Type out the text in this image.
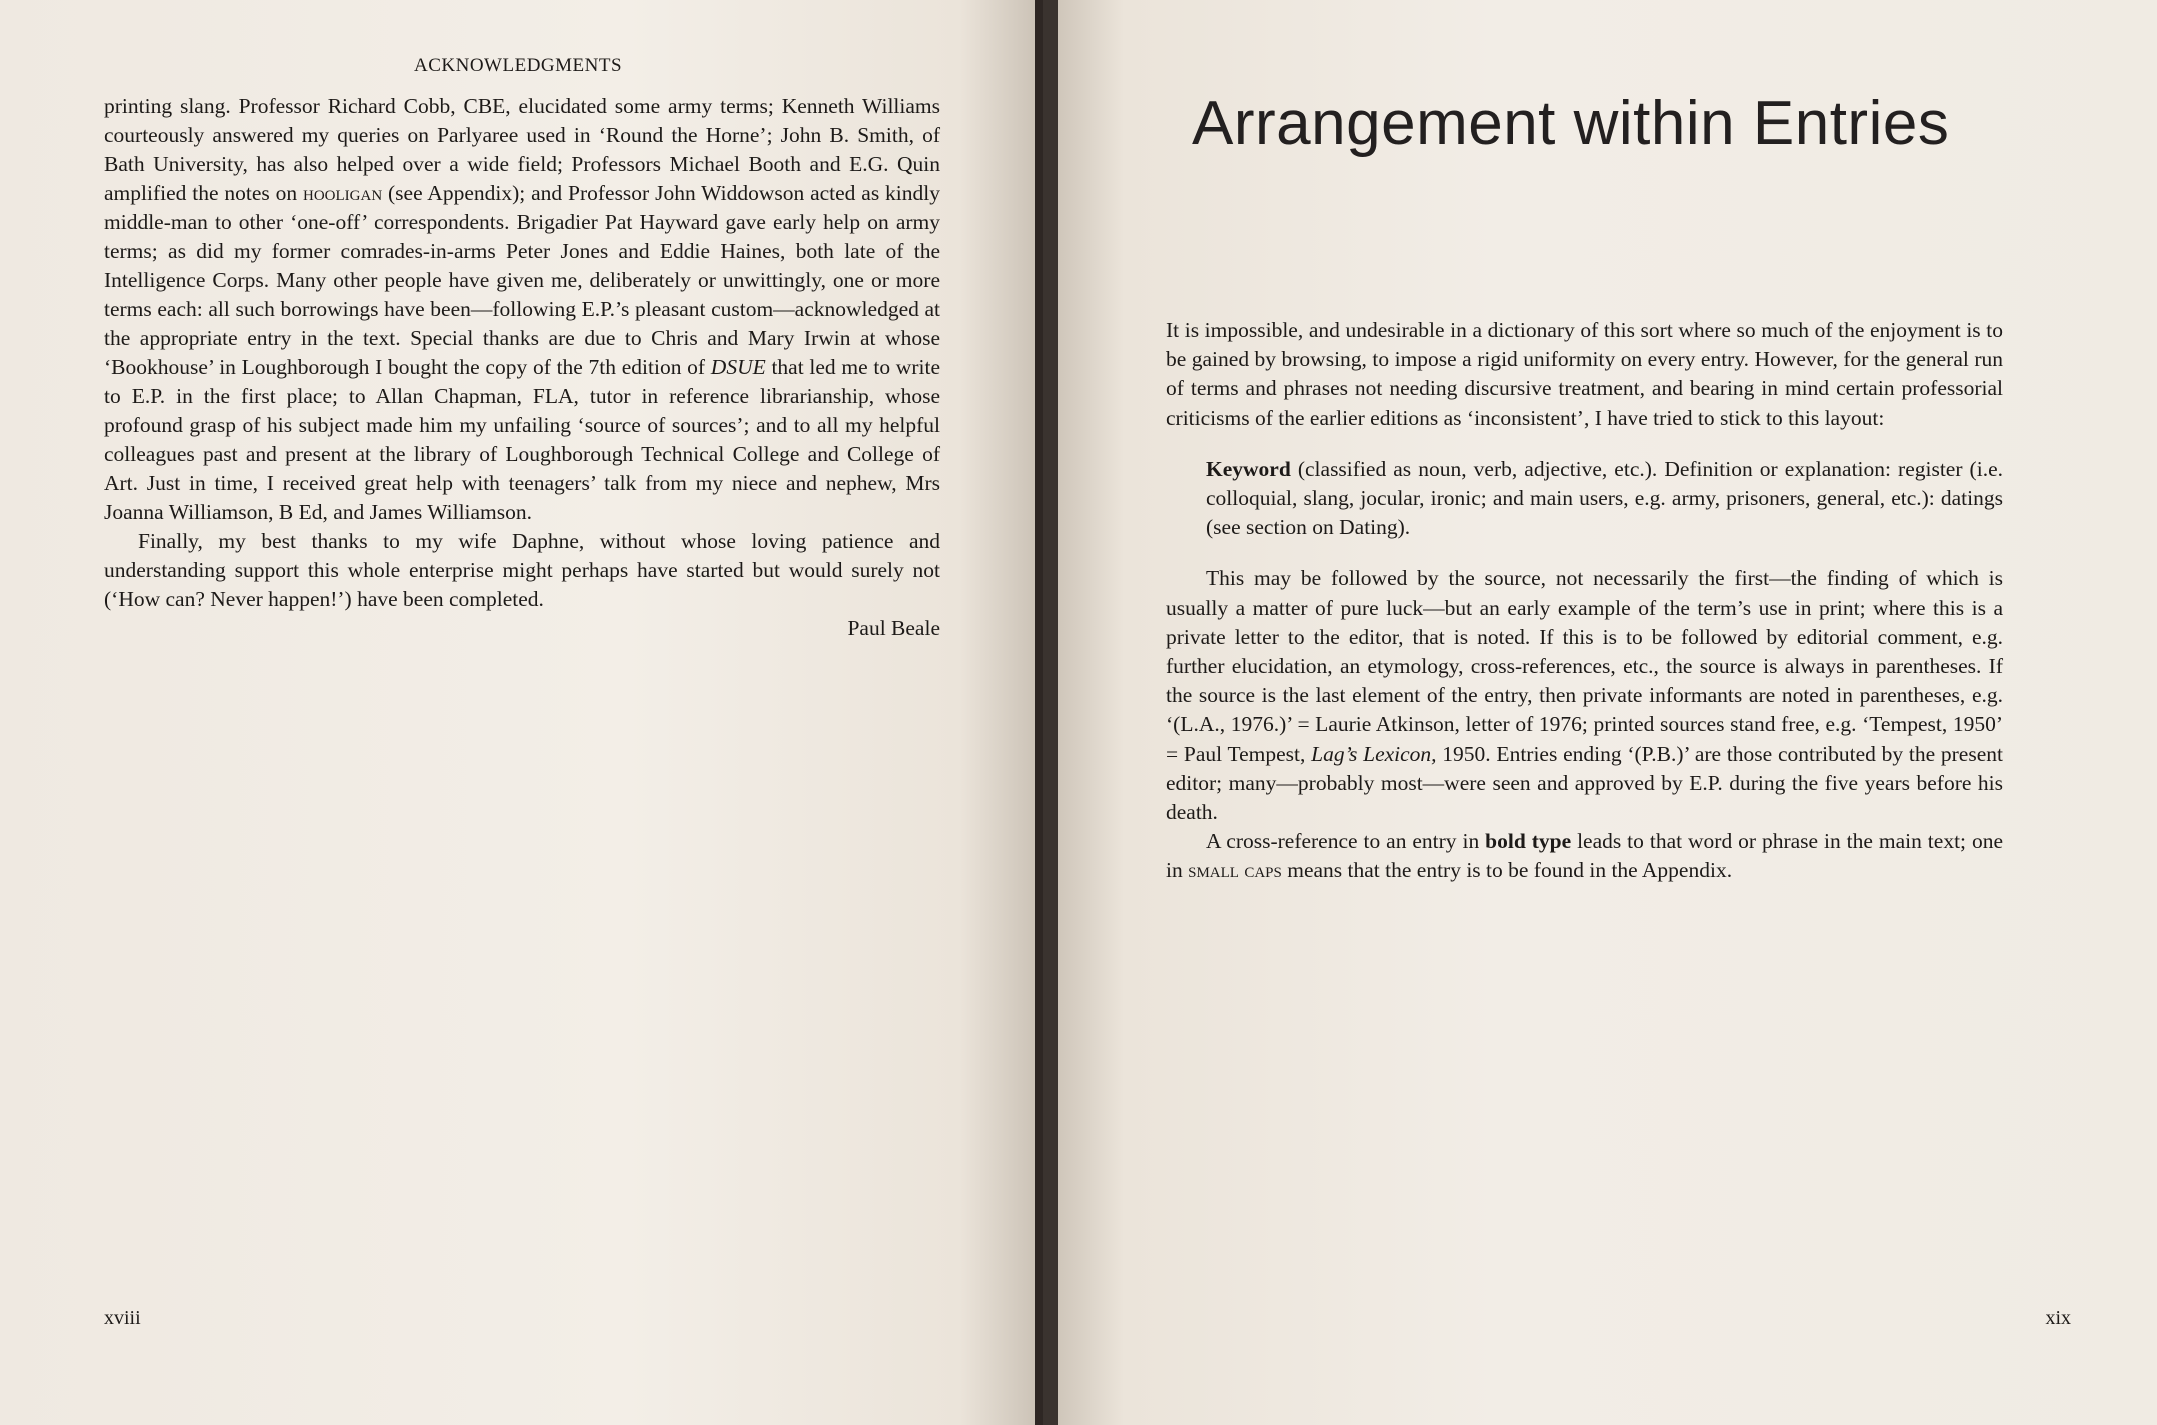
ACKNOWLEDGMENTS

printing slang. Professor Richard Cobb, CBE, elucidated some army terms; Kenneth Williams courteously answered my queries on Parlyaree used in ‘Round the Horne’; John B. Smith, of Bath University, has also helped over a wide field; Professors Michael Booth and E.G. Quin amplified the notes on hooligan (see Appendix); and Professor John Widdowson acted as kindly middle-man to other ‘one-off’ correspondents. Brigadier Pat Hayward gave early help on army terms; as did my former comrades-in-arms Peter Jones and Eddie Haines, both late of the Intelligence Corps. Many other people have given me, deliberately or unwittingly, one or more terms each: all such borrowings have been—following E.P.’s pleasant custom—acknowledged at the appropriate entry in the text. Special thanks are due to Chris and Mary Irwin at whose ‘Bookhouse’ in Loughborough I bought the copy of the 7th edition of DSUE that led me to write to E.P. in the first place; to Allan Chapman, FLA, tutor in reference librarianship, whose profound grasp of his subject made him my unfailing ‘source of sources’; and to all my helpful colleagues past and present at the library of Loughborough Technical College and College of Art. Just in time, I received great help with teenagers’ talk from my niece and nephew, Mrs Joanna Williamson, B Ed, and James Williamson.

Finally, my best thanks to my wife Daphne, without whose loving patience and understanding support this whole enterprise might perhaps have started but would surely not (‘How can? Never happen!’) have been completed.

Paul Beale
xviii
Arrangement within Entries

It is impossible, and undesirable in a dictionary of this sort where so much of the enjoyment is to be gained by browsing, to impose a rigid uniformity on every entry. However, for the general run of terms and phrases not needing discursive treatment, and bearing in mind certain professorial criticisms of the earlier editions as ‘inconsistent’, I have tried to stick to this layout:

Keyword (classified as noun, verb, adjective, etc.). Definition or explanation: register (i.e. colloquial, slang, jocular, ironic; and main users, e.g. army, prisoners, general, etc.): datings (see section on Dating).

This may be followed by the source, not necessarily the first—the finding of which is usually a matter of pure luck—but an early example of the term’s use in print; where this is a private letter to the editor, that is noted. If this is to be followed by editorial comment, e.g. further elucidation, an etymology, cross-references, etc., the source is always in parentheses. If the source is the last element of the entry, then private informants are noted in parentheses, e.g. ‘(L.A., 1976.)’ = Laurie Atkinson, letter of 1976; printed sources stand free, e.g. ‘Tempest, 1950’ = Paul Tempest, Lag’s Lexicon, 1950. Entries ending ‘(P.B.)’ are those contributed by the present editor; many—probably most—were seen and approved by E.P. during the five years before his death.

A cross-reference to an entry in bold type leads to that word or phrase in the main text; one in small caps means that the entry is to be found in the Appendix.

xix
